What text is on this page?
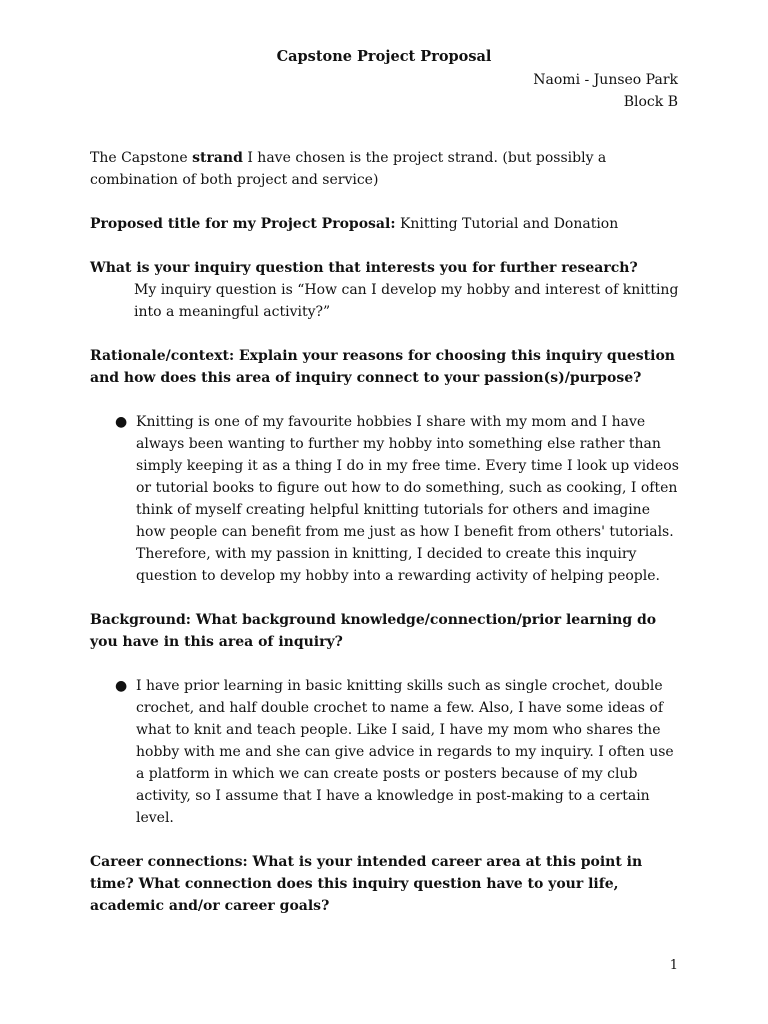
Capstone Project Proposal
Naomi - Junseo Park
Block B

The Capstone strand I have chosen is the project strand. (but possibly a combination of both project and service)

Proposed title for my Project Proposal: Knitting Tutorial and Donation

What is your inquiry question that interests you for further research?

My inquiry question is “How can I develop my hobby and interest of knitting into a meaningful activity?”

Rationale/context: Explain your reasons for choosing this inquiry question and how does this area of inquiry connect to your passion(s)/purpose?

● Knitting is one of my favourite hobbies I share with my mom and I have always been wanting to further my hobby into something else rather than simply keeping it as a thing I do in my free time. Every time I look up videos or tutorial books to figure out how to do something, such as cooking, I often think of myself creating helpful knitting tutorials for others and imagine how people can benefit from me just as how I benefit from others' tutorials. Therefore, with my passion in knitting, I decided to create this inquiry question to develop my hobby into a rewarding activity of helping people.

Background: What background knowledge/connection/prior learning do you have in this area of inquiry?

● I have prior learning in basic knitting skills such as single crochet, double crochet, and half double crochet to name a few. Also, I have some ideas of what to knit and teach people. Like I said, I have my mom who shares the hobby with me and she can give advice in regards to my inquiry. I often use a platform in which we can create posts or posters because of my club activity, so I assume that I have a knowledge in post-making to a certain level.

Career connections: What is your intended career area at this point in time? What connection does this inquiry question have to your life, academic and/or career goals?

1
